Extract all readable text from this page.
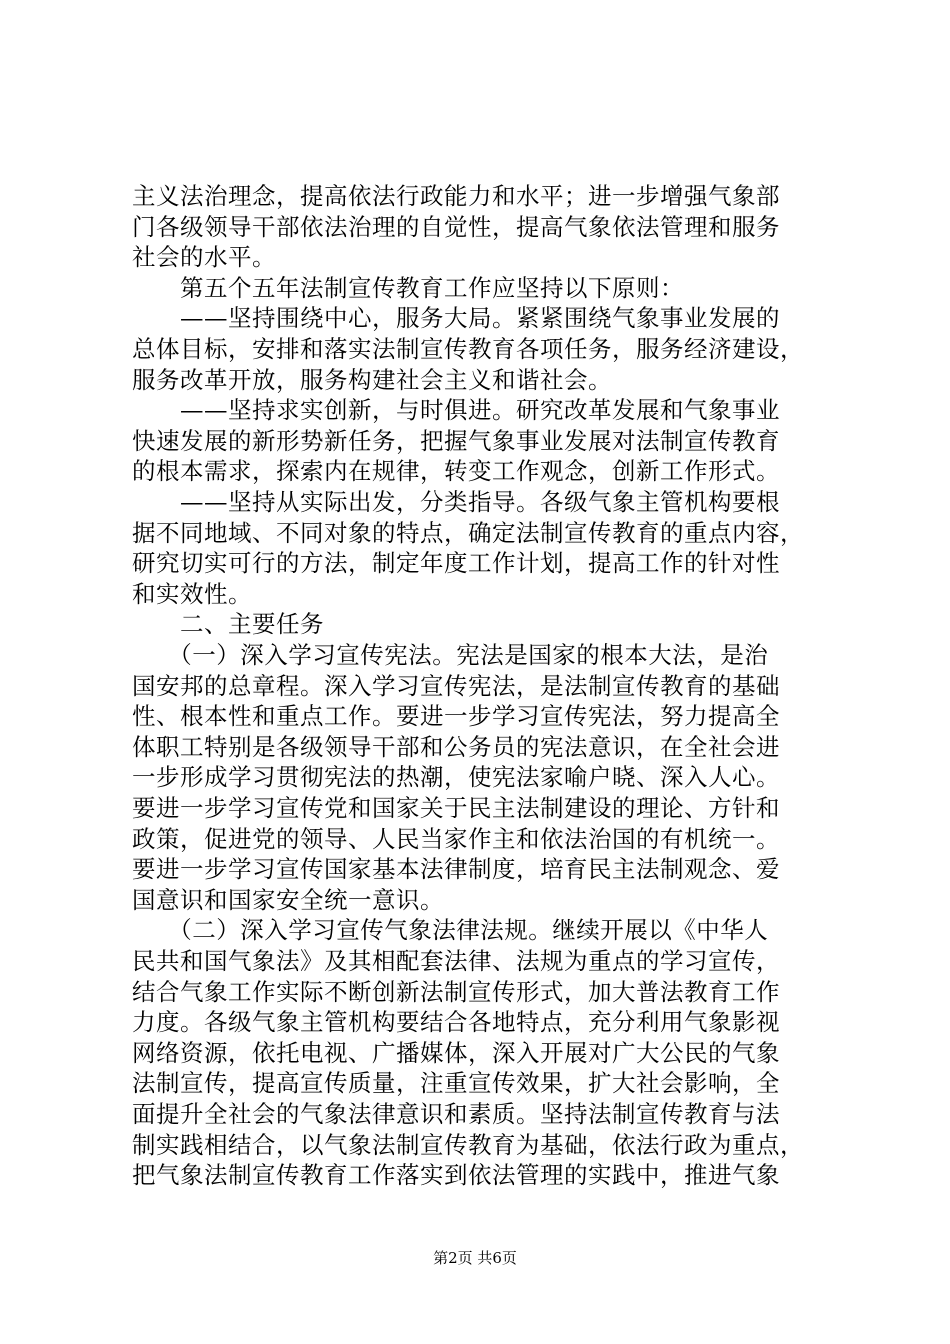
主义法治理念，提高依法行政能力和水平；进一步增强气象部
门各级领导干部依法治理的自觉性，提高气象依法管理和服务
社会的水平。
　　第五个五年法制宣传教育工作应坚持以下原则：
　　——坚持围绕中心，服务大局。紧紧围绕气象事业发展的
总体目标，安排和落实法制宣传教育各项任务，服务经济建设，
服务改革开放，服务构建社会主义和谐社会。
　　——坚持求实创新，与时俱进。研究改革发展和气象事业
快速发展的新形势新任务，把握气象事业发展对法制宣传教育
的根本需求，探索内在规律，转变工作观念，创新工作形式。
　　——坚持从实际出发，分类指导。各级气象主管机构要根
据不同地域、不同对象的特点，确定法制宣传教育的重点内容，
研究切实可行的方法，制定年度工作计划，提高工作的针对性
和实效性。
　　二、主要任务
　　（一）深入学习宣传宪法。宪法是国家的根本大法，是治
国安邦的总章程。深入学习宣传宪法，是法制宣传教育的基础
性、根本性和重点工作。要进一步学习宣传宪法，努力提高全
体职工特别是各级领导干部和公务员的宪法意识，在全社会进
一步形成学习贯彻宪法的热潮，使宪法家喻户晓、深入人心。
要进一步学习宣传党和国家关于民主法制建设的理论、方针和
政策，促进党的领导、人民当家作主和依法治国的有机统一。
要进一步学习宣传国家基本法律制度，培育民主法制观念、爱
国意识和国家安全统一意识。
　　（二）深入学习宣传气象法律法规。继续开展以《中华人
民共和国气象法》及其相配套法律、法规为重点的学习宣传，
结合气象工作实际不断创新法制宣传形式，加大普法教育工作
力度。各级气象主管机构要结合各地特点，充分利用气象影视
网络资源，依托电视、广播媒体，深入开展对广大公民的气象
法制宣传，提高宣传质量，注重宣传效果，扩大社会影响，全
面提升全社会的气象法律意识和素质。坚持法制宣传教育与法
制实践相结合，以气象法制宣传教育为基础，依法行政为重点，
把气象法制宣传教育工作落实到依法管理的实践中，推进气象
第2页 共6页
